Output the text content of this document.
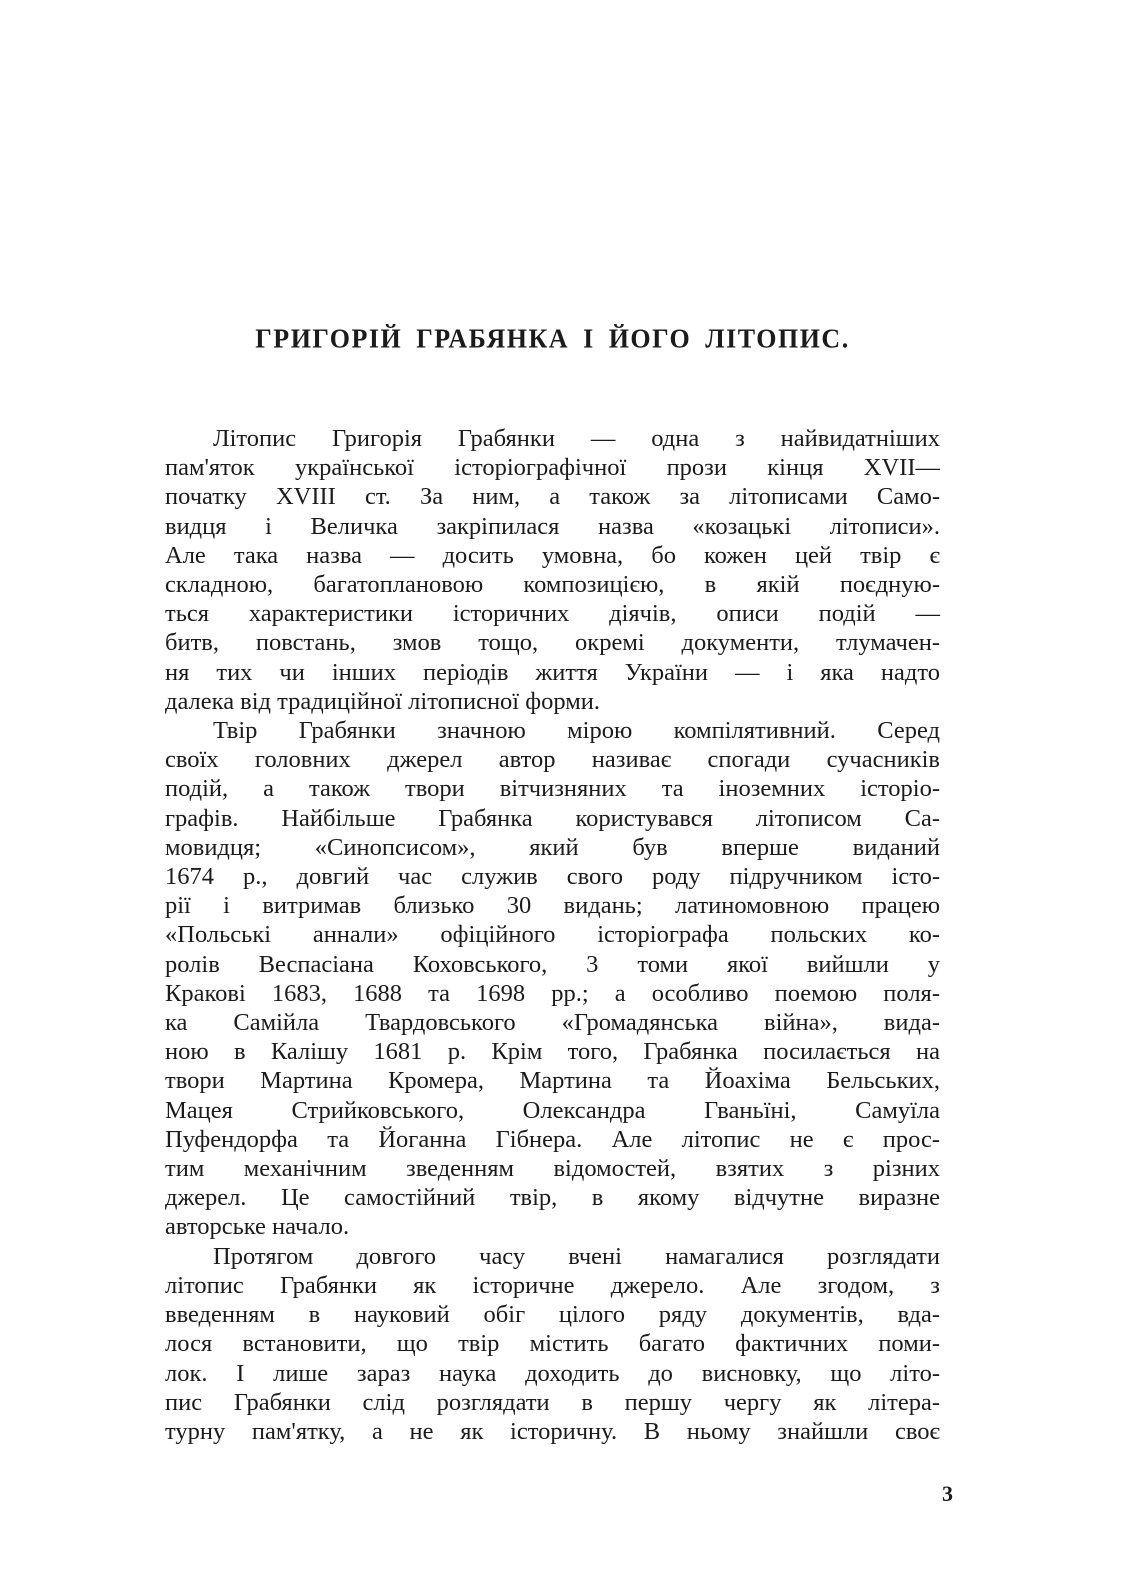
ГРИГОРІЙ ГРАБЯНКА І ЙОГО ЛІТОПИС.

Літопис Григорія Грабянки — одна з найвидатніших
пам'яток української історіографічної прози кінця XVII—
початку XVIII ст. За ним, а також за літописами Само-
видця і Величка закріпилася назва «козацькі літописи».
Але така назва — досить умовна, бо кожен цей твір є
складною, багатоплановою композицією, в якій поєдную-
ться характеристики історичних діячів, описи подій —
битв, повстань, змов тощо, окремі документи, тлумачен-
ня тих чи інших періодів життя України — і яка надто
далека від традиційної літописної форми.

Твір Грабянки значною мірою компілятивний. Серед
своїх головних джерел автор називає спогади сучасників
подій, а також твори вітчизняних та іноземних історіо-
графів. Найбільше Грабянка користувався літописом Са-
мовидця; «Синопсисом», який був вперше виданий
1674 р., довгий час служив свого роду підручником істо-
рії і витримав близько 30 видань; латиномовною працею
«Польські аннали» офіційного історіографа польских ко-
ролів Веспасіана Коховського, 3 томи якої вийшли у
Кракові 1683, 1688 та 1698 рр.; а особливо поемою поля-
ка Самійла Твардовського «Громадянська війна», вида-
ною в Калішу 1681 р. Крім того, Грабянка посилається на
твори Мартина Кромера, Мартина та Йоахіма Бельських,
Мацея Стрийковського, Олександра Гваньїні, Самуїла
Пуфендорфа та Йоганна Гібнера. Але літопис не є прос-
тим механічним зведенням відомостей, взятих з різних
джерел. Це самостійний твір, в якому відчутне виразне
авторське начало.

Протягом довгого часу вчені намагалися розглядати
літопис Грабянки як історичне джерело. Але згодом, з
введенням в науковий обіг цілого ряду документів, вда-
лося встановити, що твір містить багато фактичних поми-
лок. І лише зараз наука доходить до висновку, що літо-
пис Грабянки слід розглядати в першу чергу як літера-
турну пам'ятку, а не як історичну. В ньому знайшли своє

3
